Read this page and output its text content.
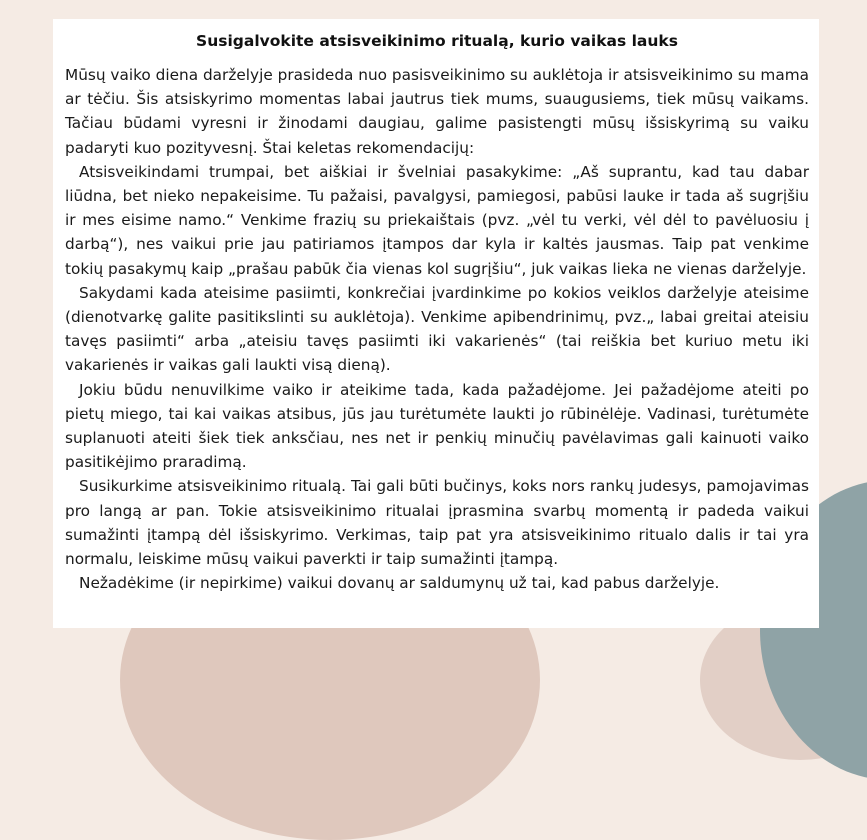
Susigalvokite atsisveikinimo ritualą, kurio vaikas lauks

Mūsų vaiko diena darželyje prasideda nuo pasisveikinimo su auklėtoja ir atsisveikinimo su mama ar tėčiu. Šis atsiskyrimo momentas labai jautrus tiek mums, suaugusiems, tiek mūsų vaikams. Tačiau būdami vyresni ir žinodami daugiau, galime pasistengti mūsų išsiskyrimą su vaiku padaryti kuo pozityvesnį. Štai keletas rekomendacijų:

Atsisveikindami trumpai, bet aiškiai ir švelniai pasakykime: „Aš suprantu, kad tau dabar liūdna, bet nieko nepakeisime. Tu pažaisi, pavalgysi, pamiegosi, pabūsi lauke ir tada aš sugrįšiu ir mes eisime namo.“ Venkime frazių su priekaištais (pvz. „vėl tu verki, vėl dėl to pavėluosiu į darbą“), nes vaikui prie jau patiriamos įtampos dar kyla ir kaltės jausmas. Taip pat venkime tokių pasakymų kaip „prašau pabūk čia vienas kol sugrįšiu“, juk vaikas lieka ne vienas darželyje.

Sakydami kada ateisime pasiimti, konkrečiai įvardinkime po kokios veiklos darželyje ateisime (dienotvarkę galite pasitikslinti su auklėtoja). Venkime apibendrinimų, pvz.„ labai greitai ateisiu tavęs pasiimti“ arba „ateisiu tavęs pasiimti iki vakarienės“ (tai reiškia bet kuriuo metu iki vakarienės ir vaikas gali laukti visą dieną).

Jokiu būdu nenuvilkime vaiko ir ateikime tada, kada pažadėjome. Jei pažadėjome ateiti po pietų miego, tai kai vaikas atsibus, jūs jau turėtumėte laukti jo rūbinėlėje. Vadinasi, turėtumėte suplanuoti ateiti šiek tiek anksčiau, nes net ir penkių minučių pavėlavimas gali kainuoti vaiko pasitikėjimo praradimą.

Susikurkime atsisveikinimo ritualą. Tai gali būti bučinys, koks nors rankų judesys, pamojavimas pro langą ar pan. Tokie atsisveikinimo ritualai įprasmina svarbų momentą ir padeda vaikui sumažinti įtampą dėl išsiskyrimo. Verkimas, taip pat yra atsisveikinimo ritualo dalis ir tai yra normalu, leiskime mūsų vaikui paverkti ir taip sumažinti įtampą.

Nežadėkime (ir nepirkime) vaikui dovanų ar saldumynų už tai, kad pabus darželyje.
